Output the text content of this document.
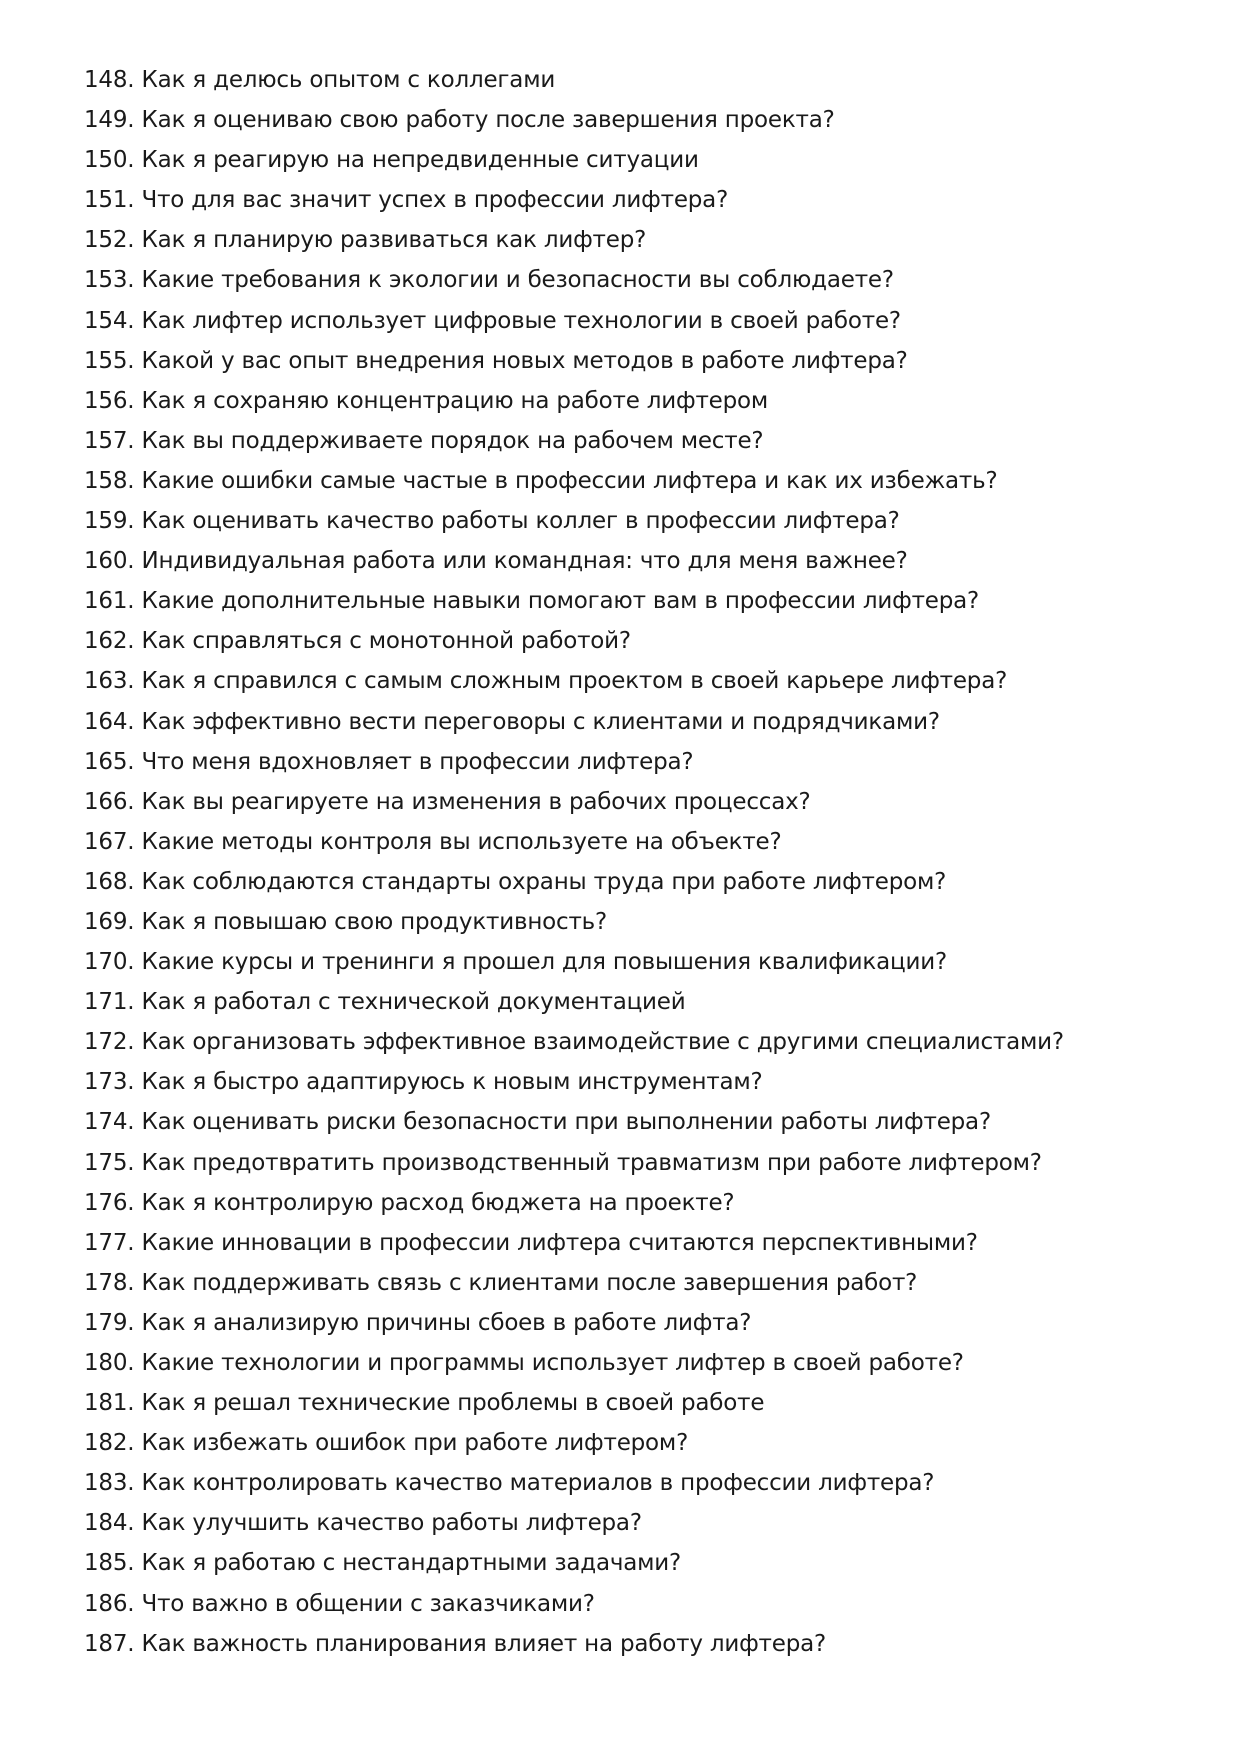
148. Как я делюсь опытом с коллегами
149. Как я оцениваю свою работу после завершения проекта?
150. Как я реагирую на непредвиденные ситуации
151. Что для вас значит успех в профессии лифтера?
152. Как я планирую развиваться как лифтер?
153. Какие требования к экологии и безопасности вы соблюдаете?
154. Как лифтер использует цифровые технологии в своей работе?
155. Какой у вас опыт внедрения новых методов в работе лифтера?
156. Как я сохраняю концентрацию на работе лифтером
157. Как вы поддерживаете порядок на рабочем месте?
158. Какие ошибки самые частые в профессии лифтера и как их избежать?
159. Как оценивать качество работы коллег в профессии лифтера?
160. Индивидуальная работа или командная: что для меня важнее?
161. Какие дополнительные навыки помогают вам в профессии лифтера?
162. Как справляться с монотонной работой?
163. Как я справился с самым сложным проектом в своей карьере лифтера?
164. Как эффективно вести переговоры с клиентами и подрядчиками?
165. Что меня вдохновляет в профессии лифтера?
166. Как вы реагируете на изменения в рабочих процессах?
167. Какие методы контроля вы используете на объекте?
168. Как соблюдаются стандарты охраны труда при работе лифтером?
169. Как я повышаю свою продуктивность?
170. Какие курсы и тренинги я прошел для повышения квалификации?
171. Как я работал с технической документацией
172. Как организовать эффективное взаимодействие с другими специалистами?
173. Как я быстро адаптируюсь к новым инструментам?
174. Как оценивать риски безопасности при выполнении работы лифтера?
175. Как предотвратить производственный травматизм при работе лифтером?
176. Как я контролирую расход бюджета на проекте?
177. Какие инновации в профессии лифтера считаются перспективными?
178. Как поддерживать связь с клиентами после завершения работ?
179. Как я анализирую причины сбоев в работе лифта?
180. Какие технологии и программы использует лифтер в своей работе?
181. Как я решал технические проблемы в своей работе
182. Как избежать ошибок при работе лифтером?
183. Как контролировать качество материалов в профессии лифтера?
184. Как улучшить качество работы лифтера?
185. Как я работаю с нестандартными задачами?
186. Что важно в общении с заказчиками?
187. Как важность планирования влияет на работу лифтера?
